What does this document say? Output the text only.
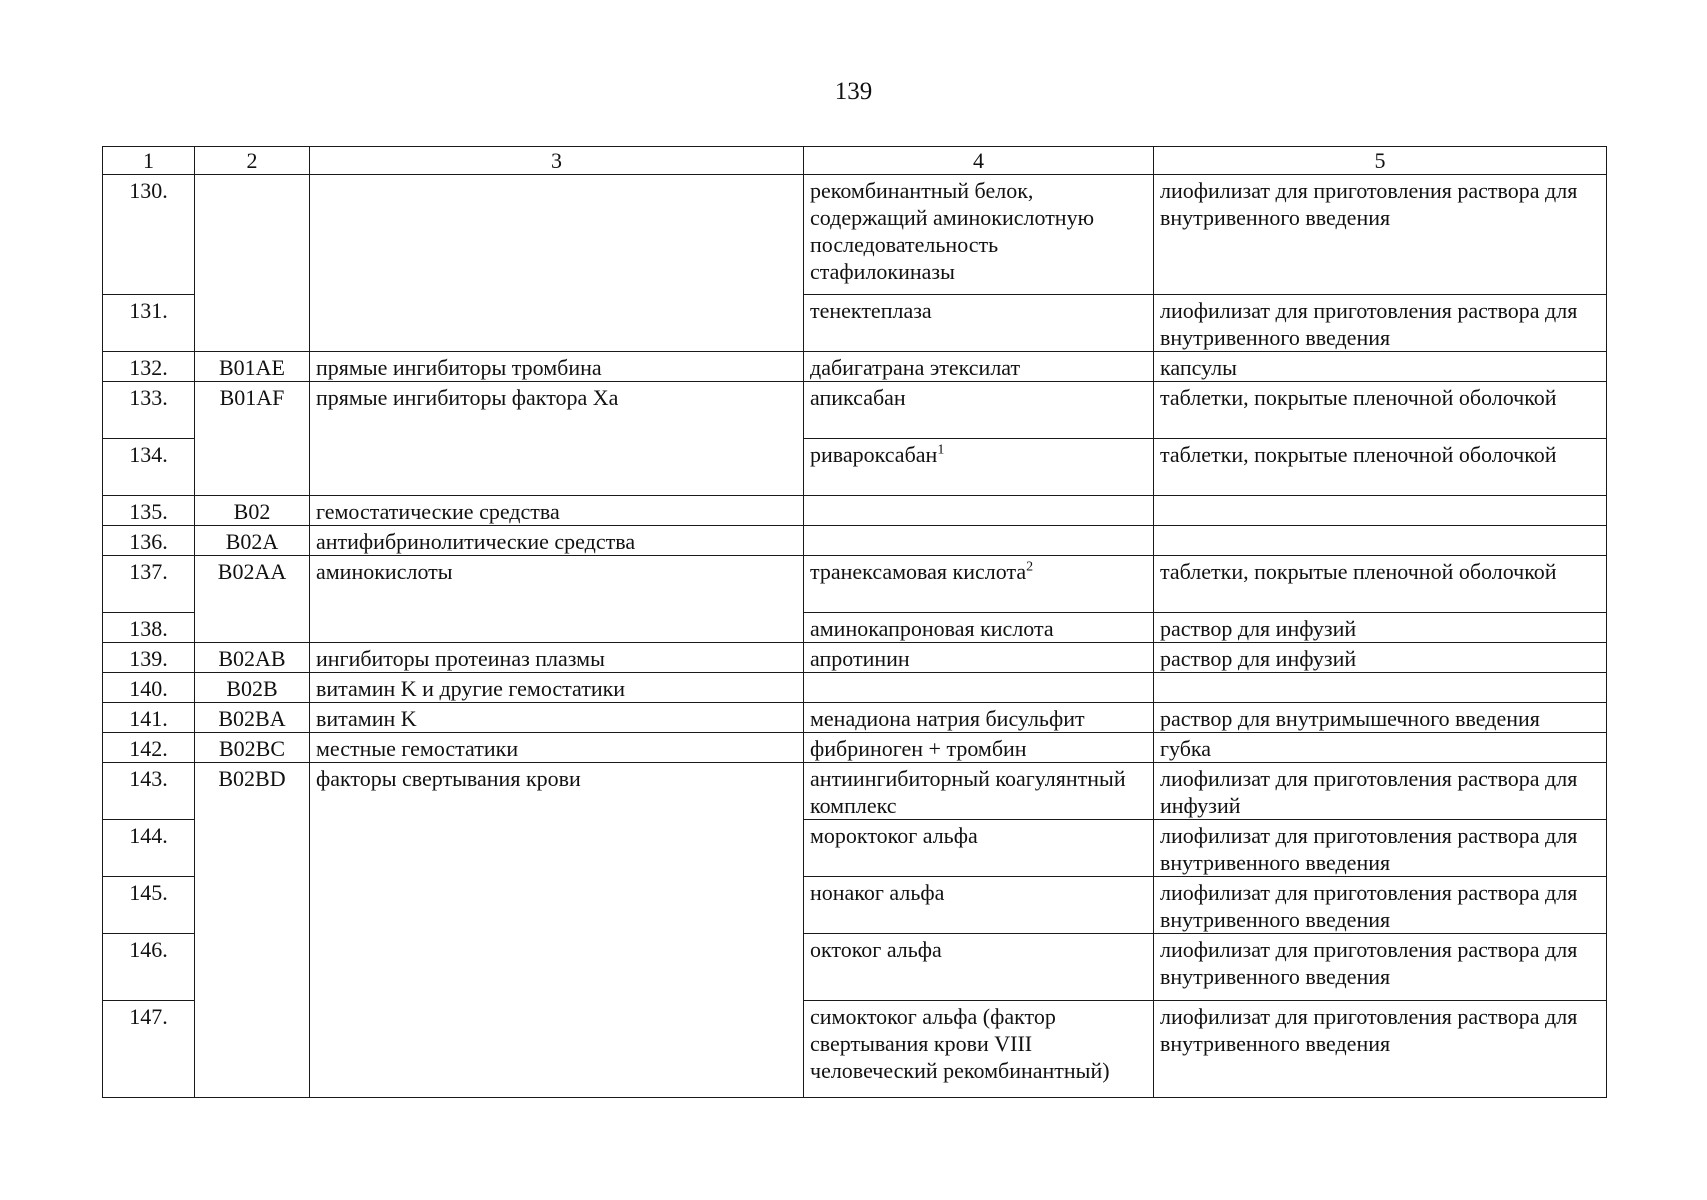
139
1	2	3	4	5
130.			рекомбинантный белок, содержащий аминокислотную последовательность стафилокиназы	лиофилизат для приготовления раствора для внутривенного введения
131.			тенектеплаза	лиофилизат для приготовления раствора для внутривенного введения
132.	B01AE	прямые ингибиторы тромбина	дабигатрана этексилат	капсулы
133.	B01AF	прямые ингибиторы фактора Xa	апиксабан	таблетки, покрытые пленочной оболочкой
134.			ривароксабан$^1$	таблетки, покрытые пленочной оболочкой
135.	B02	гемостатические средства		
136.	B02A	антифибринолитические средства		
137.	B02AA	аминокислоты	транексамовая кислота$^2$	таблетки, покрытые пленочной оболочкой
138.			аминокапроновая кислота	раствор для инфузий
139.	B02AB	ингибиторы протеиназ плазмы	апротинин	раствор для инфузий
140.	B02B	витамин K и другие гемостатики		
141.	B02BA	витамин K	менадиона натрия бисульфит	раствор для внутримышечного введения
142.	B02BC	местные гемостатики	фибриноген + тромбин	губка
143.	B02BD	факторы свертывания крови	антиингибиторный коагулянтный комплекс	лиофилизат для приготовления раствора для инфузий
144.			мороктоког альфа	лиофилизат для приготовления раствора для внутривенного введения
145.			нонаког альфа	лиофилизат для приготовления раствора для внутривенного введения
146.			октоког альфа	лиофилизат для приготовления раствора для внутривенного введения
147.			симоктоког альфа (фактор свертывания крови VIII человеческий рекомбинантный)	лиофилизат для приготовления раствора для внутривенного введения
